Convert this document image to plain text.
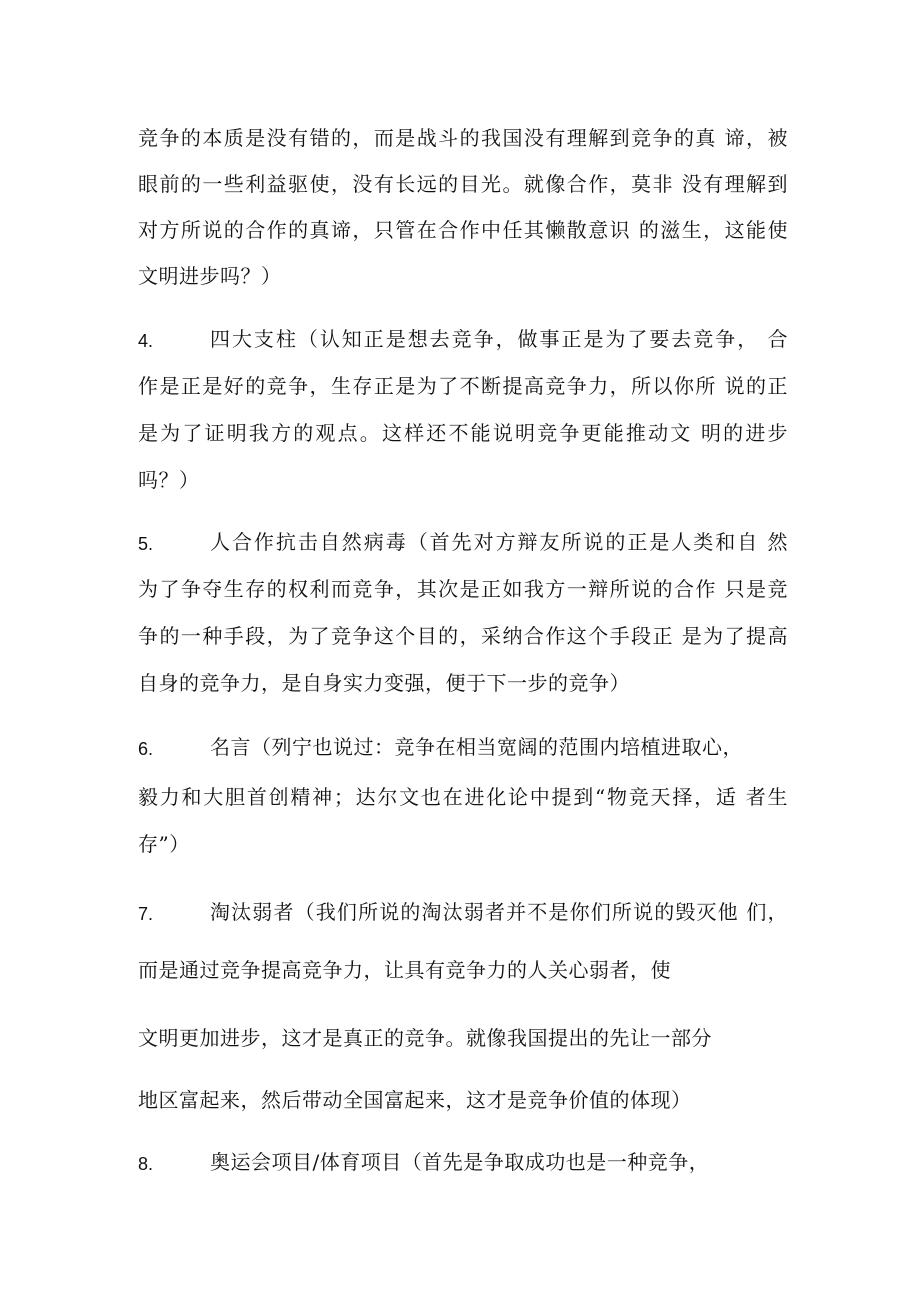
竞争的本质是没有错的，而是战斗的我国没有理解到竞争的真 谛，被
眼前的一些利益驱使，没有长远的目光。就像合作，莫非 没有理解到
对方所说的合作的真谛，只管在合作中任其懒散意识 的滋生，这能使
文明进步吗？）
4.	四大支柱（认知正是想去竞争，做事正是为了要去竞争， 合
作是正是好的竞争，生存正是为了不断提高竞争力，所以你所 说的正
是为了证明我方的观点。这样还不能说明竞争更能推动文 明的进步
吗？）
5.	人合作抗击自然病毒（首先对方辩友所说的正是人类和自 然
为了争夺生存的权利而竞争，其次是正如我方一辩所说的合作 只是竞
争的一种手段，为了竞争这个目的，采纳合作这个手段正 是为了提高
自身的竞争力，是自身实力变强，便于下一步的竞争）
6.	名言（列宁也说过：竞争在相当宽阔的范围内培植进取心，
毅力和大胆首创精神；达尔文也在进化论中提到“物竞天择，适 者生
存”）
7.	淘汰弱者（我们所说的淘汰弱者并不是你们所说的毁灭他 们，
而是通过竞争提高竞争力，让具有竞争力的人关心弱者，使
文明更加进步，这才是真正的竞争。就像我国提出的先让一部分
地区富起来，然后带动全国富起来，这才是竞争价值的体现）
8.	奥运会项目/体育项目（首先是争取成功也是一种竞争，
